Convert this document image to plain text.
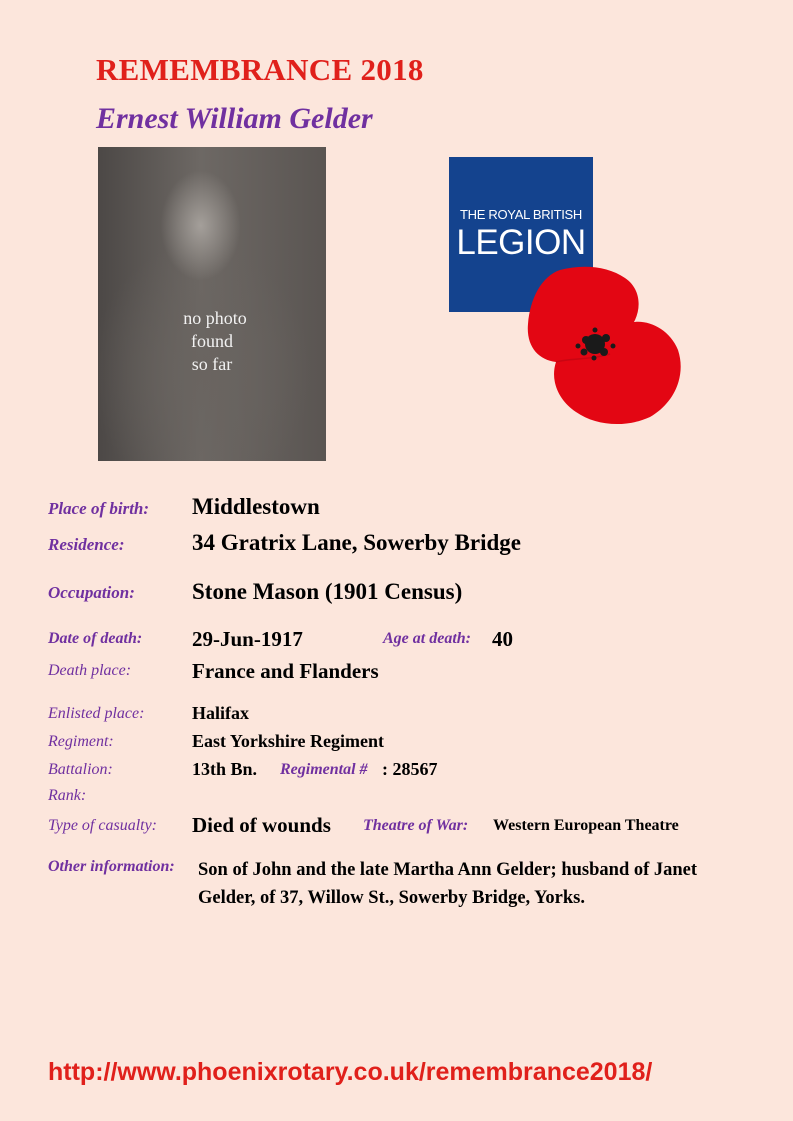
REMEMBRANCE 2018
Ernest William Gelder
no photo
found
so far
THE ROYAL BRITISH
LEGION
Place of birth: Middlestown
Residence:	34 Gratrix Lane, Sowerby Bridge
Occupation: Stone Mason (1901 Census)
Date of death: 29-Jun-1917	Age at death: 40
Death place:	France and Flanders
Enlisted place:	Halifax
Regiment:	East Yorkshire Regiment
Battalion:	13th Bn. Regimental # : 28567
Rank:
Type of casualty: Died of wounds Theatre of War: Western European Theatre
Other information: Son of John and the late Martha Ann Gelder; husband of Janet Gelder, of 37, Willow St., Sowerby Bridge, Yorks.
http://www.phoenixrotary.co.uk/remembrance2018/
